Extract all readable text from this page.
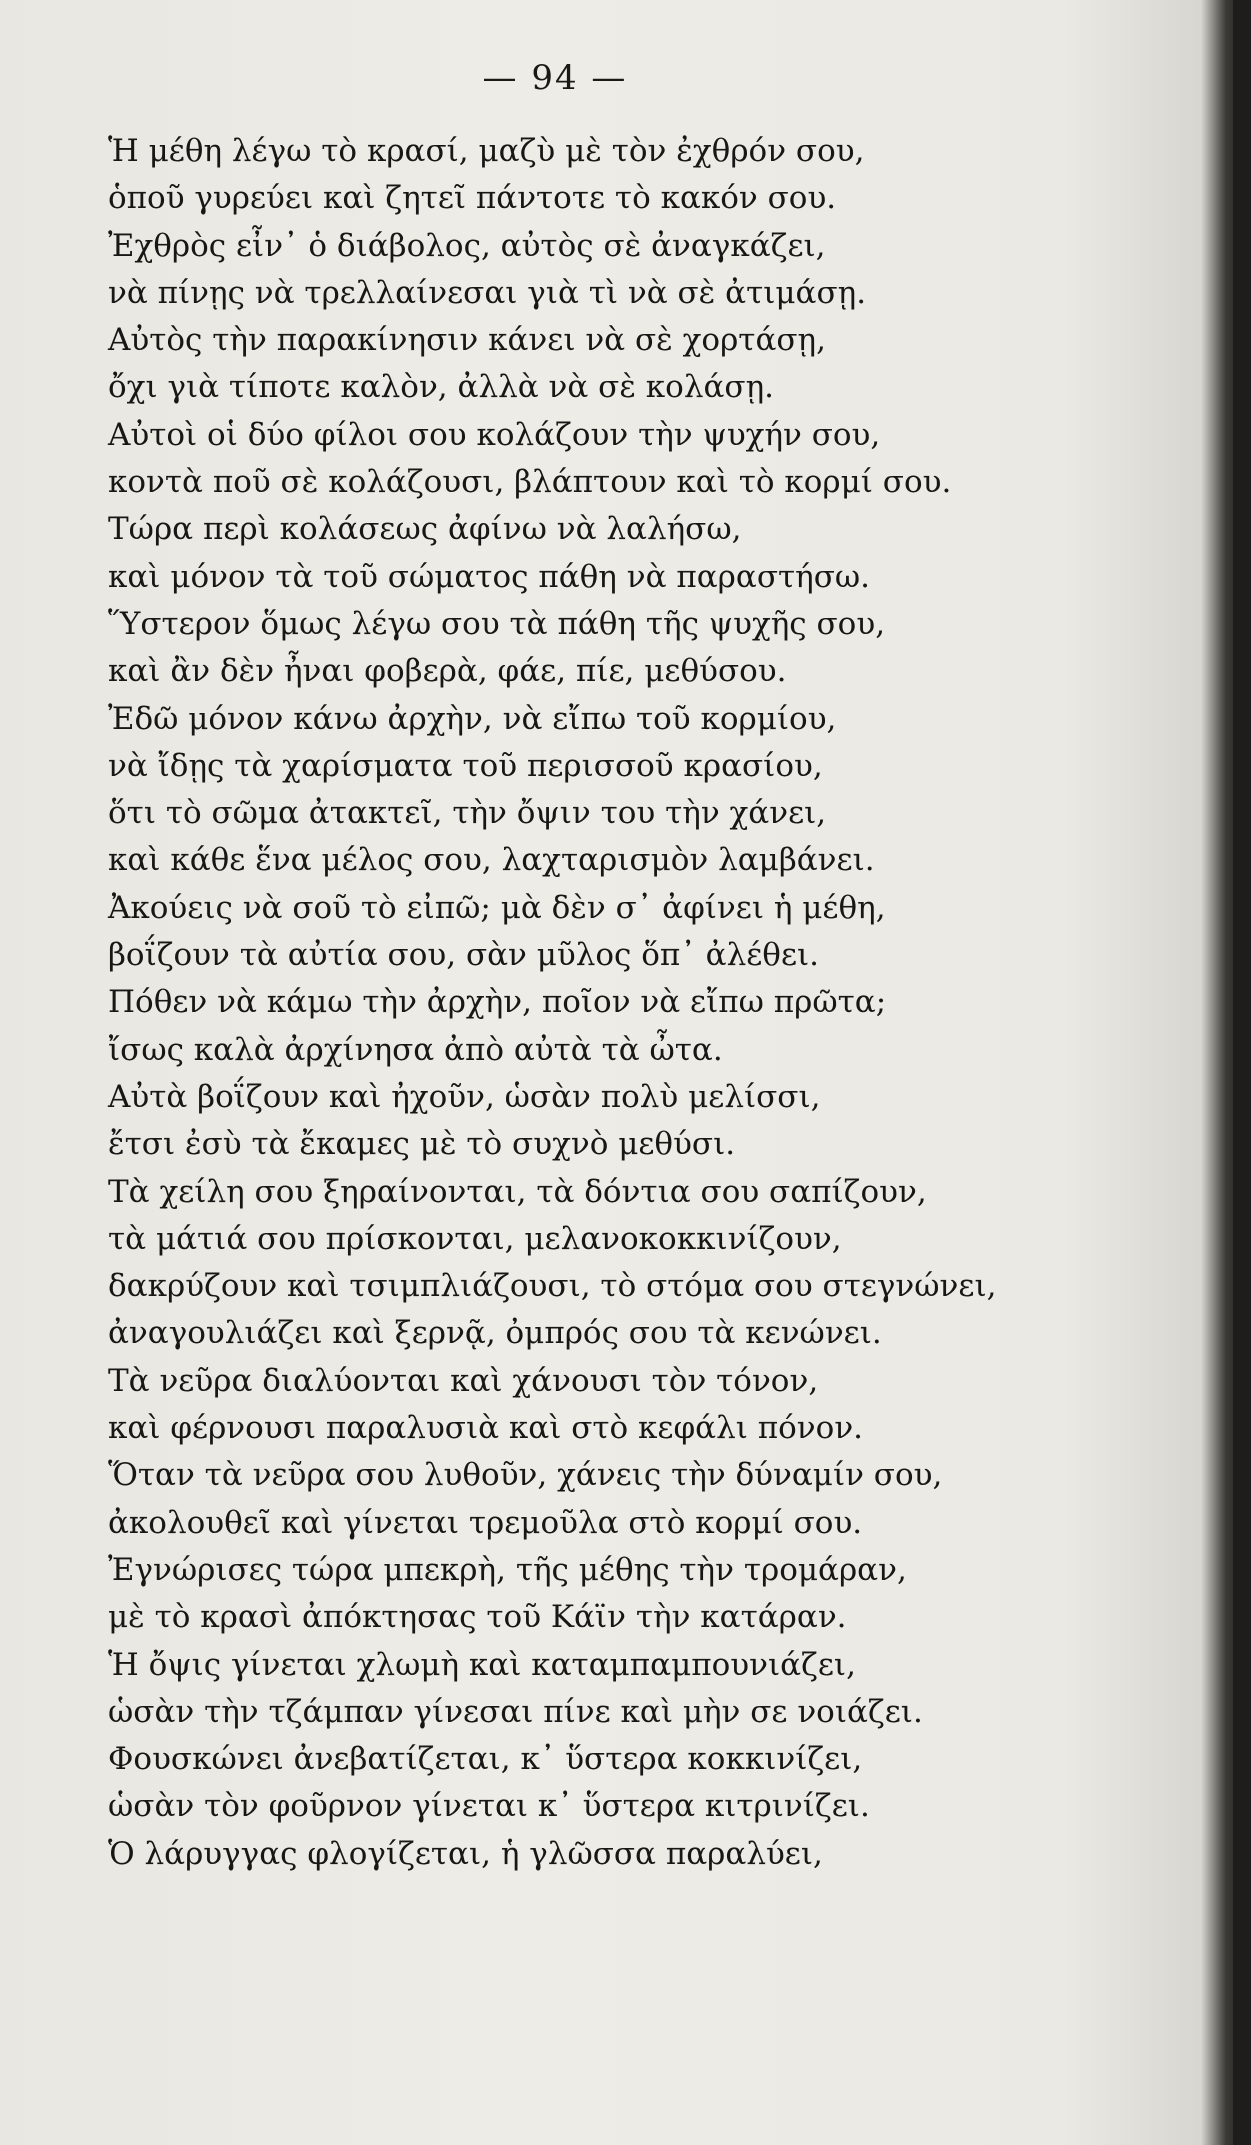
— 94 —
Ἡ μέθη λέγω τὸ κρασί, μαζὺ μὲ τὸν ἐχθρόν σου,
ὁποῦ γυρεύει καὶ ζητεῖ πάντοτε τὸ κακόν σου.
Ἐχθρὸς εἶν᾽ ὁ διάβολος, αὐτὸς σὲ ἀναγκάζει,
νὰ πίνῃς νὰ τρελλαίνεσαι γιὰ τὶ νὰ σὲ ἀτιμάσῃ.
Αὐτὸς τὴν παρακίνησιν κάνει νὰ σὲ χορτάσῃ,
ὄχι γιὰ τίποτε καλὸν, ἀλλὰ νὰ σὲ κολάσῃ.
Αὐτοὶ οἱ δύο φίλοι σου κολάζουν τὴν ψυχήν σου,
κοντὰ ποῦ σὲ κολάζουσι, βλάπτουν καὶ τὸ κορμί σου.
Τώρα περὶ κολάσεως ἀφίνω νὰ λαλήσω,
καὶ μόνον τὰ τοῦ σώματος πάθη νὰ παραστήσω.
Ὕστερον ὅμως λέγω σου τὰ πάθη τῆς ψυχῆς σου,
καὶ ἂν δὲν ἦναι φοβερὰ, φάε, πίε, μεθύσου.
Ἐδῶ μόνον κάνω ἀρχὴν, νὰ εἴπω τοῦ κορμίου,
νὰ ἴδῃς τὰ χαρίσματα τοῦ περισσοῦ κρασίου,
ὅτι τὸ σῶμα ἀτακτεῖ, τὴν ὄψιν του τὴν χάνει,
καὶ κάθε ἕνα μέλος σου, λαχταρισμὸν λαμβάνει.
Ἀκούεις νὰ σοῦ τὸ εἰπῶ; μὰ δὲν σ᾽ ἀφίνει ἡ μέθη,
βοΐζουν τὰ αὐτία σου, σὰν μῦλος ὅπ᾽ ἀλέθει.
Πόθεν νὰ κάμω τὴν ἀρχὴν, ποῖον νὰ εἴπω πρῶτα;
ἴσως καλὰ ἀρχίνησα ἀπὸ αὐτὰ τὰ ὦτα.
Αὐτὰ βοΐζουν καὶ ἠχοῦν, ὡσὰν πολὺ μελίσσι,
ἔτσι ἐσὺ τὰ ἔκαμες μὲ τὸ συχνὸ μεθύσι.
Τὰ χείλη σου ξηραίνονται, τὰ δόντια σου σαπίζουν,
τὰ μάτιά σου πρίσκονται, μελανοκοκκινίζουν,
δακρύζουν καὶ τσιμπλιάζουσι, τὸ στόμα σου στεγνώνει,
ἀναγουλιάζει καὶ ξερνᾷ, ὀμπρός σου τὰ κενώνει.
Τὰ νεῦρα διαλύονται καὶ χάνουσι τὸν τόνον,
καὶ φέρνουσι παραλυσιὰ καὶ στὸ κεφάλι πόνον.
Ὅταν τὰ νεῦρα σου λυθοῦν, χάνεις τὴν δύναμίν σου,
ἀκολουθεῖ καὶ γίνεται τρεμοῦλα στὸ κορμί σου.
Ἐγνώρισες τώρα μπεκρὴ, τῆς μέθης τὴν τρομάραν,
μὲ τὸ κρασὶ ἀπόκτησας τοῦ Κάϊν τὴν κατάραν.
Ἡ ὄψις γίνεται χλωμὴ καὶ καταμπαμπουνιάζει,
ὡσὰν τὴν τζάμπαν γίνεσαι πίνε καὶ μὴν σε νοιάζει.
Φουσκώνει ἀνεβατίζεται, κ᾽ ὕστερα κοκκινίζει,
ὡσὰν τὸν φοῦρνον γίνεται κ᾽ ὕστερα κιτρινίζει.
Ὁ λάρυγγας φλογίζεται, ἡ γλῶσσα παραλύει,
